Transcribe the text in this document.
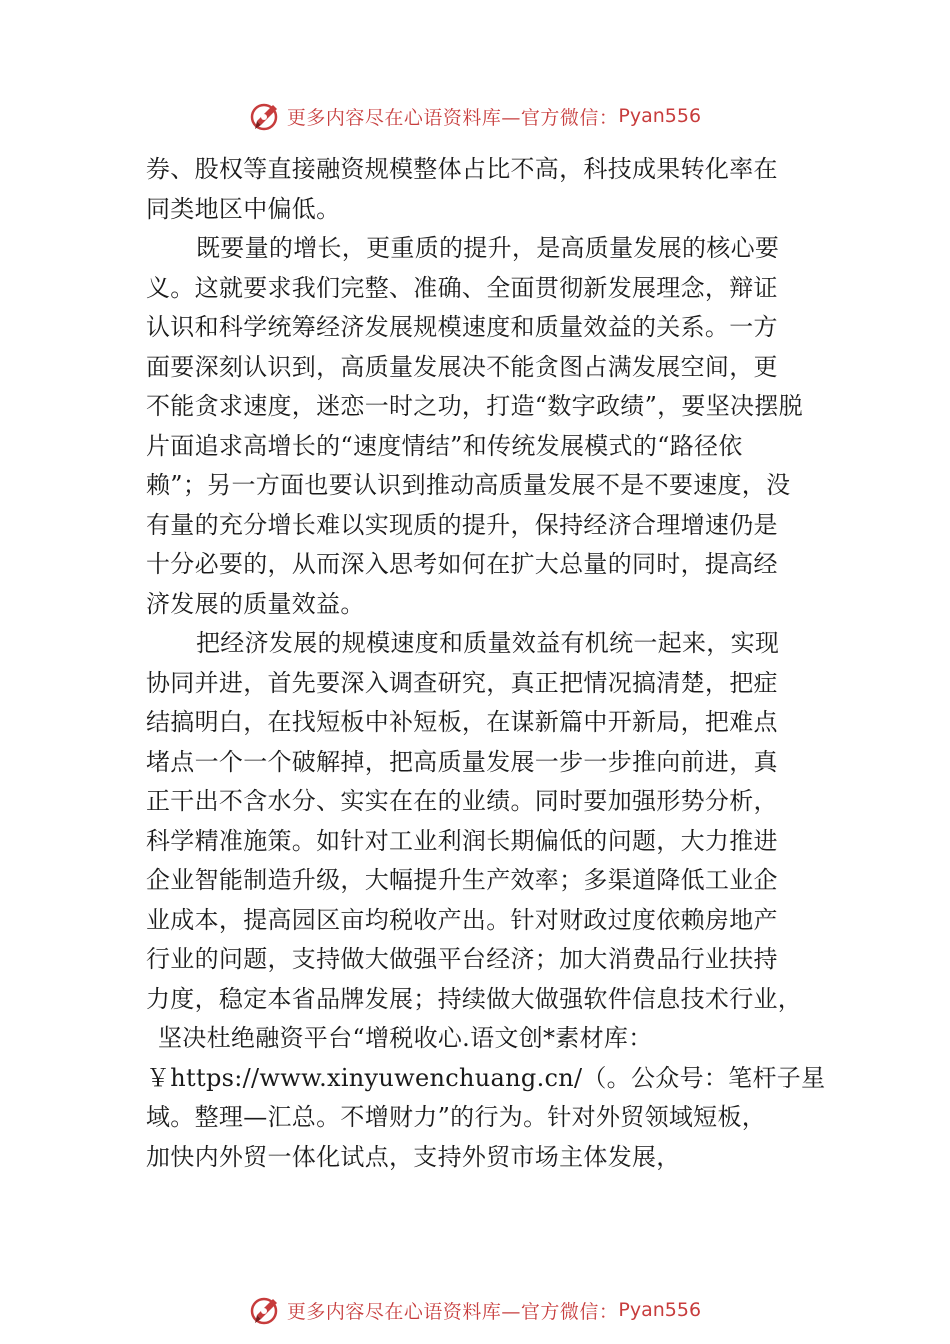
更多内容尽在心语资料库—官方微信： Pyan556
券、股权等直接融资规模整体占比不高，科技成果转化率在
同类地区中偏低。
既要量的增长，更重质的提升，是高质量发展的核心要
义。这就要求我们完整、准确、全面贯彻新发展理念，辩证
认识和科学统筹经济发展规模速度和质量效益的关系。一方
面要深刻认识到，高质量发展决不能贪图占满发展空间，更
不能贪求速度，迷恋一时之功，打造“数字政绩”，要坚决摆脱
片面追求高增长的“速度情结”和传统发展模式的“路径依
赖”；另一方面也要认识到推动高质量发展不是不要速度，没
有量的充分增长难以实现质的提升，保持经济合理增速仍是
十分必要的，从而深入思考如何在扩大总量的同时，提高经
济发展的质量效益。
把经济发展的规模速度和质量效益有机统一起来，实现
协同并进，首先要深入调查研究，真正把情况搞清楚，把症
结搞明白，在找短板中补短板，在谋新篇中开新局，把难点
堵点一个一个破解掉，把高质量发展一步一步推向前进，真
正干出不含水分、实实在在的业绩。同时要加强形势分析，
科学精准施策。如针对工业利润长期偏低的问题，大力推进
企业智能制造升级，大幅提升生产效率；多渠道降低工业企
业成本，提高园区亩均税收产出。针对财政过度依赖房地产
行业的问题，支持做大做强平台经济；加大消费品行业扶持
力度，稳定本省品牌发展；持续做大做强软件信息技术行业，
坚决杜绝融资平台“增税收心.语文创*素材库：
￥https://www.xinyuwenchuang.cn/（。公众号：笔杆子星
域。整理—汇总。不增财力”的行为。针对外贸领域短板，
加快内外贸一体化试点，支持外贸市场主体发展，
更多内容尽在心语资料库—官方微信： Pyan556
